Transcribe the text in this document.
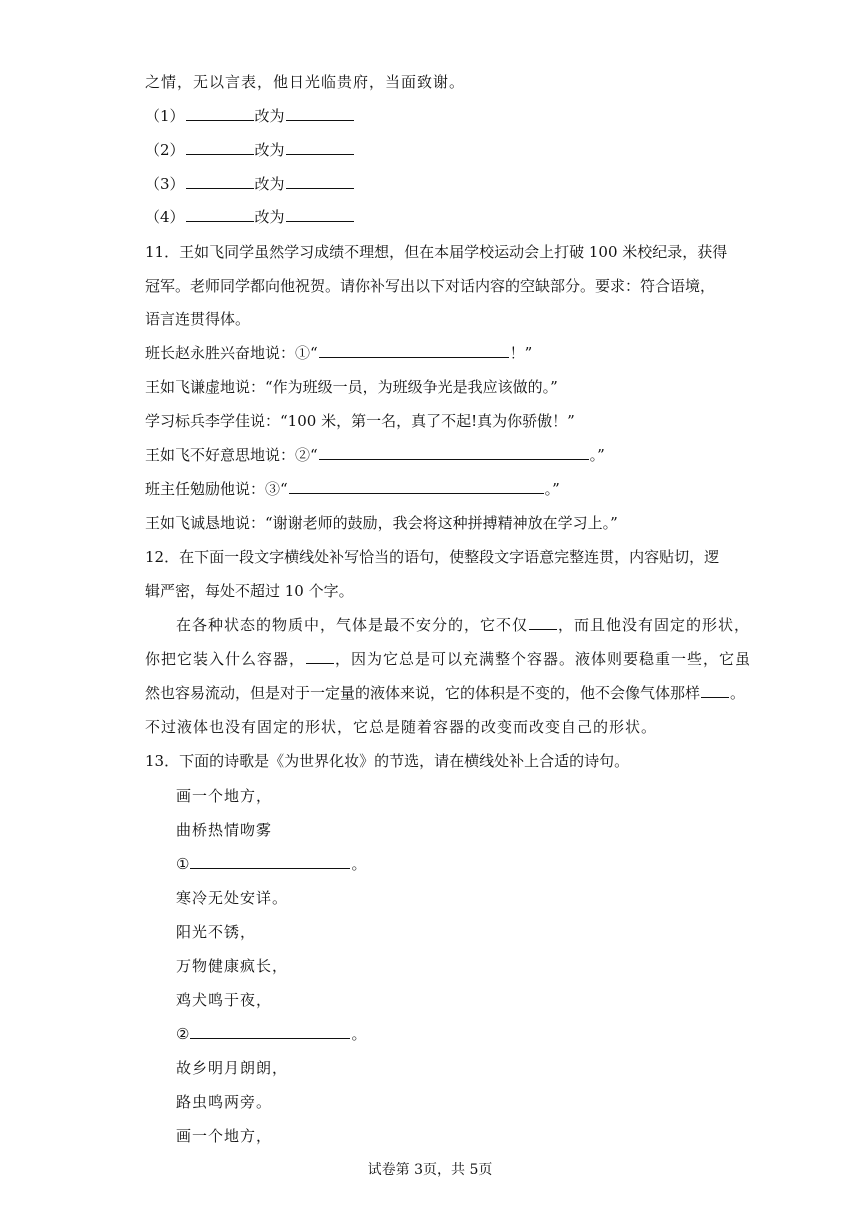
之情，无以言表，他日光临贵府，当面致谢。
（1）	改为
（2）	改为
（3）	改为
（4）	改为
11．王如飞同学虽然学习成绩不理想，但在本届学校运动会上打破 100 米校纪录，获得
冠军。老师同学都向他祝贺。请你补写出以下对话内容的空缺部分。要求：符合语境，
语言连贯得体。
班长赵永胜兴奋地说：①“	！”
王如飞谦虚地说：“作为班级一员，为班级争光是我应该做的。”
学习标兵李学佳说：“100 米，第一名，真了不起!真为你骄傲！”
王如飞不好意思地说：②“	。”
班主任勉励他说：③“	。”
王如飞诚恳地说：“谢谢老师的鼓励，我会将这种拼搏精神放在学习上。”
12．在下面一段文字横线处补写恰当的语句，使整段文字语意完整连贯，内容贴切，逻
辑严密，每处不超过 10 个字。
在各种状态的物质中，气体是最不安分的，它不仅 ，而且他没有固定的形状，
你把它装入什么容器， ，因为它总是可以充满整个容器。液体则要稳重一些，它虽
然也容易流动，但是对于一定量的液体来说，它的体积是不变的，他不会像气体那样 。
不过液体也没有固定的形状，它总是随着容器的改变而改变自己的形状。
13．下面的诗歌是《为世界化妆》的节选，请在横线处补上合适的诗句。
画一个地方，
曲桥热情吻雾
①	。
寒冷无处安详。
阳光不锈，
万物健康疯长，
鸡犬鸣于夜，
②	。
故乡明月朗朗，
路虫鸣两旁。
画一个地方，
试卷第 3页，共 5页
